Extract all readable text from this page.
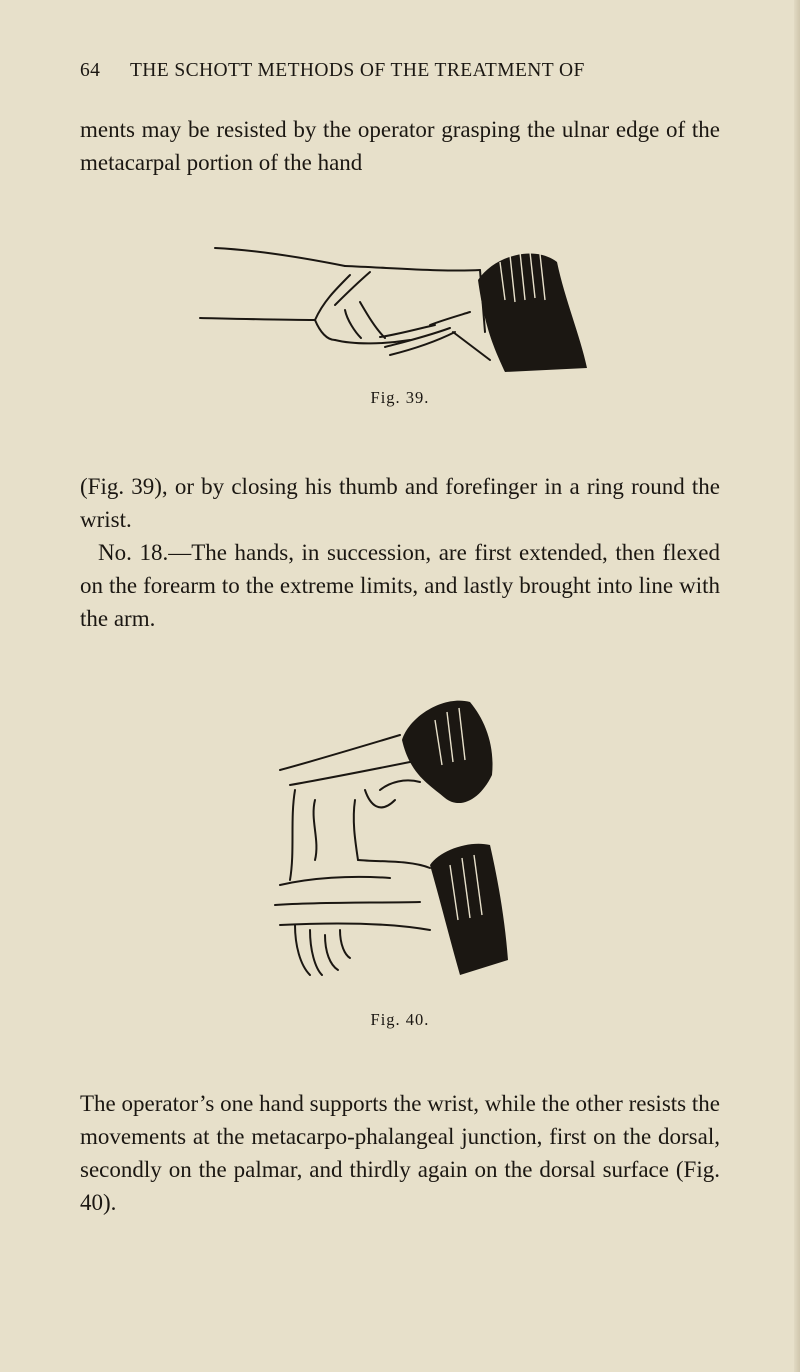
64 THE SCHOTT METHODS OF THE TREATMENT OF

ments may be resisted by the operator grasping the ulnar edge of the metacarpal portion of the hand

Fig. 39.

(Fig. 39), or by closing his thumb and forefinger in a ring round the wrist.

No. 18.—The hands, in succession, are first extended, then flexed on the forearm to the extreme limits, and lastly brought into line with the arm.

Fig. 40.

The operator’s one hand supports the wrist, while the other resists the movements at the metacarpo-phalangeal junction, first on the dorsal, secondly on the palmar, and thirdly again on the dorsal surface (Fig. 40).
